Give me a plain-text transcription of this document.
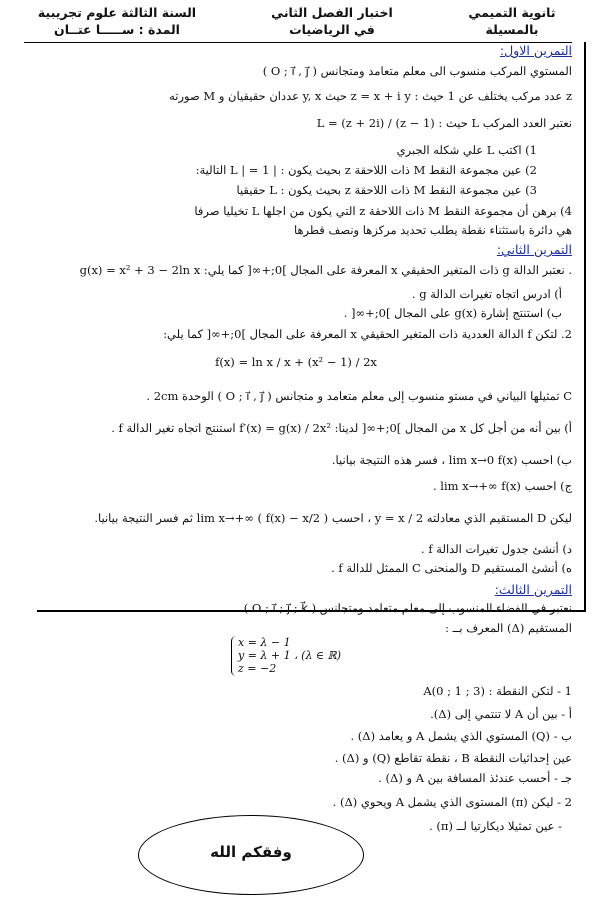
ثانوية التميمي
بالمسيلة
اختبار الفصل الثاني
في الرياضيات
السنة الثالثة علوم تجريبية
المدة : ســـــا عتــان
التمرين الاول:
المستوي المركب منسوب الى معلم متعامد ومتجانس ( O ; i⃗ , j⃗ )
z عدد مركب يختلف عن 1 حيث : z = x + i y حيث y, x عددان حقيقيان و M صورته
نعتبر العدد المركب L حيث : L = (z + 2i) / (z − 1)
1) اكتب L علي شكله الجبري
2) عين مجموعة النقط M ذات اللاحقة z بحيث يكون : | L | = 1 التالية:
3) عين مجموعة النقط M ذات اللاحقة z بحيث يكون : L حقيقيا
4) برهن أن مجموعة النقط M ذات اللاحقة z التي يكون من اجلها L تخيليا صرفا
هي دائرة باستثناء نقطة يطلب تحديد مركزها ونصف قطرها
التمرين الثاني:
. نعتبر الدالة g ذات المتغير الحقيقي x المعرفة على المجال ]0;+∞[ كما يلي: g(x) = x² + 3 − 2ln x
أ) ادرس اتجاه تغيرات الدالة g .
ب) استنتج إشارة g(x) على المجال ]0;+∞[ .
2. لتكن f الدالة العددية ذات المتغير الحقيقي x المعرفة على المجال ]0;+∞[ كما يلي:
f(x) = ln x / x + (x² − 1) / 2x
C تمثيلها البياني في مستو منسوب إلى معلم متعامد و متجانس ( O ; i⃗ , j⃗ ) الوحدة 2cm .
أ) بين أنه من أجل كل x من المجال ]0;+∞[ لدينا: f′(x) = g(x) / 2x² استنتج اتجاه تغير الدالة f .
ب) احسب lim x→0 f(x) ، فسر هذه النتيجة بيانيا.
ج) احسب lim x→+∞ f(x) .
ليكن D المستقيم الذي معادلته y = x / 2 ، احسب lim x→+∞ ( f(x) − x/2 ) ثم فسر النتيجة بيانيا.
د) أنشئ جدول تغيرات الدالة f .
ه) أنشئ المستقيم D والمنحنى C الممثل للدالة f .
التمرين الثالث:
نعتبر في الفضاء المنسوب إلى معلم متعامد ومتجانس ( O ; i⃗ ; j⃗ ; k⃗ )
المستقيم (Δ) المعرف بــ :
x = λ − 1
y = λ + 1 ، (λ ∈ ℝ)
z = −2
1 - لتكن النقطة : A(0 ; 1 ; 3)
أ - بين أن A لا تنتمي إلى (Δ).
ب - (Q) المستوي الذي يشمل A و يعامد (Δ) .
عين إحداثيات النقطة B ، نقطة تقاطع (Q) و (Δ) .
جـ - أحسب عندئذ المسافة بين A و (Δ) .
2 - ليكن (π) المستوى الذي يشمل A ويحوي (Δ) .
- عين تمثيلا ديكارتيا لــ (π) .
وفقكم الله
